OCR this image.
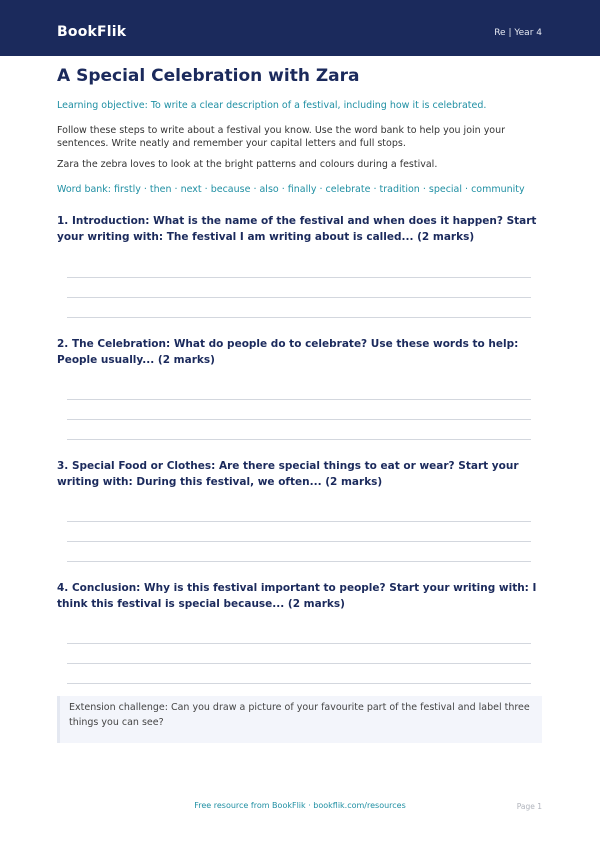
BookFlik	Re | Year 4
A Special Celebration with Zara
Learning objective: To write a clear description of a festival, including how it is celebrated.
Follow these steps to write about a festival you know. Use the word bank to help you join your sentences. Write neatly and remember your capital letters and full stops.
Zara the zebra loves to look at the bright patterns and colours during a festival.
Word bank: firstly · then · next · because · also · finally · celebrate · tradition · special · community
1. Introduction: What is the name of the festival and when does it happen? Start your writing with: The festival I am writing about is called... (2 marks)
2. The Celebration: What do people do to celebrate? Use these words to help: People usually... (2 marks)
3. Special Food or Clothes: Are there special things to eat or wear? Start your writing with: During this festival, we often... (2 marks)
4. Conclusion: Why is this festival important to people? Start your writing with: I think this festival is special because... (2 marks)
Extension challenge: Can you draw a picture of your favourite part of the festival and label three things you can see?
Free resource from BookFlik · bookflik.com/resources	Page 1
